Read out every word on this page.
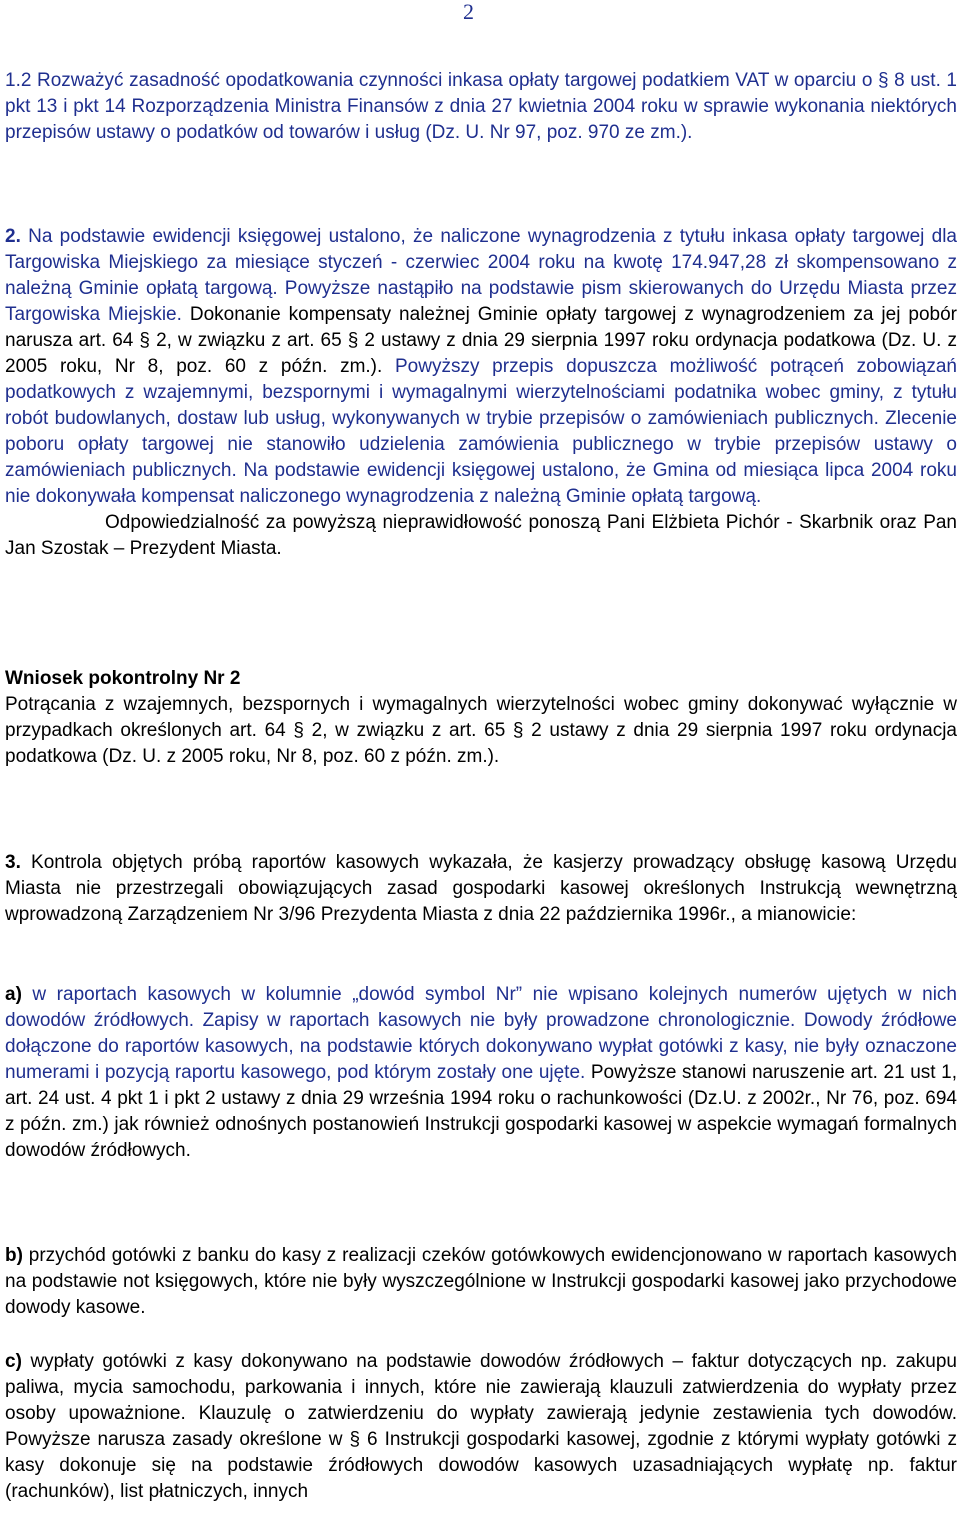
2

1.2 Rozważyć zasadność opodatkowania czynności inkasa opłaty targowej podatkiem VAT w oparciu o § 8 ust. 1 pkt 13 i pkt 14 Rozporządzenia Ministra Finansów z dnia 27 kwietnia 2004 roku w sprawie wykonania niektórych przepisów ustawy o podatków od towarów i usług (Dz. U. Nr 97, poz. 970 ze zm.).

2. Na podstawie ewidencji księgowej ustalono, że naliczone wynagrodzenia z tytułu inkasa opłaty targowej dla Targowiska Miejskiego za miesiące styczeń - czerwiec 2004 roku na kwotę 174.947,28 zł skompensowano z należną Gminie opłatą targową. Powyższe nastąpiło na podstawie pism skierowanych do Urzędu Miasta przez Targowiska Miejskie. Dokonanie kompensaty należnej Gminie opłaty targowej z wynagrodzeniem za jej pobór narusza art. 64 § 2, w związku z art. 65 § 2 ustawy z dnia 29 sierpnia 1997 roku ordynacja podatkowa (Dz. U. z 2005 roku, Nr 8, poz. 60 z późn. zm.). Powyższy przepis dopuszcza możliwość potrąceń zobowiązań podatkowych z wzajemnymi, bezspornymi i wymagalnymi wierzytelnościami podatnika wobec gminy, z tytułu robót budowlanych, dostaw lub usług, wykonywanych w trybie przepisów o zamówieniach publicznych. Zlecenie poboru opłaty targowej nie stanowiło udzielenia zamówienia publicznego w trybie przepisów ustawy o zamówieniach publicznych. Na podstawie ewidencji księgowej ustalono, że Gmina od miesiąca lipca 2004 roku nie dokonywała kompensat naliczonego wynagrodzenia z należną Gminie opłatą targową.
Odpowiedzialność za powyższą nieprawidłowość ponoszą Pani Elżbieta Pichór - Skarbnik oraz Pan Jan Szostak – Prezydent Miasta.

Wniosek pokontrolny Nr 2
Potrącania z wzajemnych, bezspornych i wymagalnych wierzytelności wobec gminy dokonywać wyłącznie w przypadkach określonych art. 64 § 2, w związku z art. 65 § 2 ustawy z dnia 29 sierpnia 1997 roku ordynacja podatkowa (Dz. U. z 2005 roku, Nr 8, poz. 60 z późn. zm.).

3. Kontrola objętych próbą raportów kasowych wykazała, że kasjerzy prowadzący obsługę kasową Urzędu Miasta nie przestrzegali obowiązujących zasad gospodarki kasowej określonych Instrukcją wewnętrzną wprowadzoną Zarządzeniem Nr 3/96 Prezydenta Miasta z dnia 22 października 1996r., a mianowicie:

a) w raportach kasowych w kolumnie „dowód symbol Nr” nie wpisano kolejnych numerów ujętych w nich dowodów źródłowych. Zapisy w raportach kasowych nie były prowadzone chronologicznie. Dowody źródłowe dołączone do raportów kasowych, na podstawie których dokonywano wypłat gotówki z kasy, nie były oznaczone numerami i pozycją raportu kasowego, pod którym zostały one ujęte. Powyższe stanowi naruszenie art. 21 ust 1, art. 24 ust. 4 pkt 1 i pkt 2 ustawy z dnia 29 września 1994 roku o rachunkowości (Dz.U. z 2002r., Nr 76, poz. 694 z późn. zm.) jak również odnośnych postanowień Instrukcji gospodarki kasowej w aspekcie wymagań formalnych dowodów źródłowych.

b) przychód gotówki z banku do kasy z realizacji czeków gotówkowych ewidencjonowano w raportach kasowych na podstawie not księgowych, które nie były wyszczególnione w Instrukcji gospodarki kasowej jako przychodowe dowody kasowe.

c) wypłaty gotówki z kasy dokonywano na podstawie dowodów źródłowych – faktur dotyczących np. zakupu paliwa, mycia samochodu, parkowania i innych, które nie zawierają klauzuli zatwierdzenia do wypłaty przez osoby upoważnione. Klauzulę o zatwierdzeniu do wypłaty zawierają jedynie zestawienia tych dowodów. Powyższe narusza zasady określone w § 6 Instrukcji gospodarki kasowej, zgodnie z którymi wypłaty gotówki z kasy dokonuje się na podstawie źródłowych dowodów kasowych uzasadniających wypłatę np. faktur (rachunków), list płatniczych, innych
